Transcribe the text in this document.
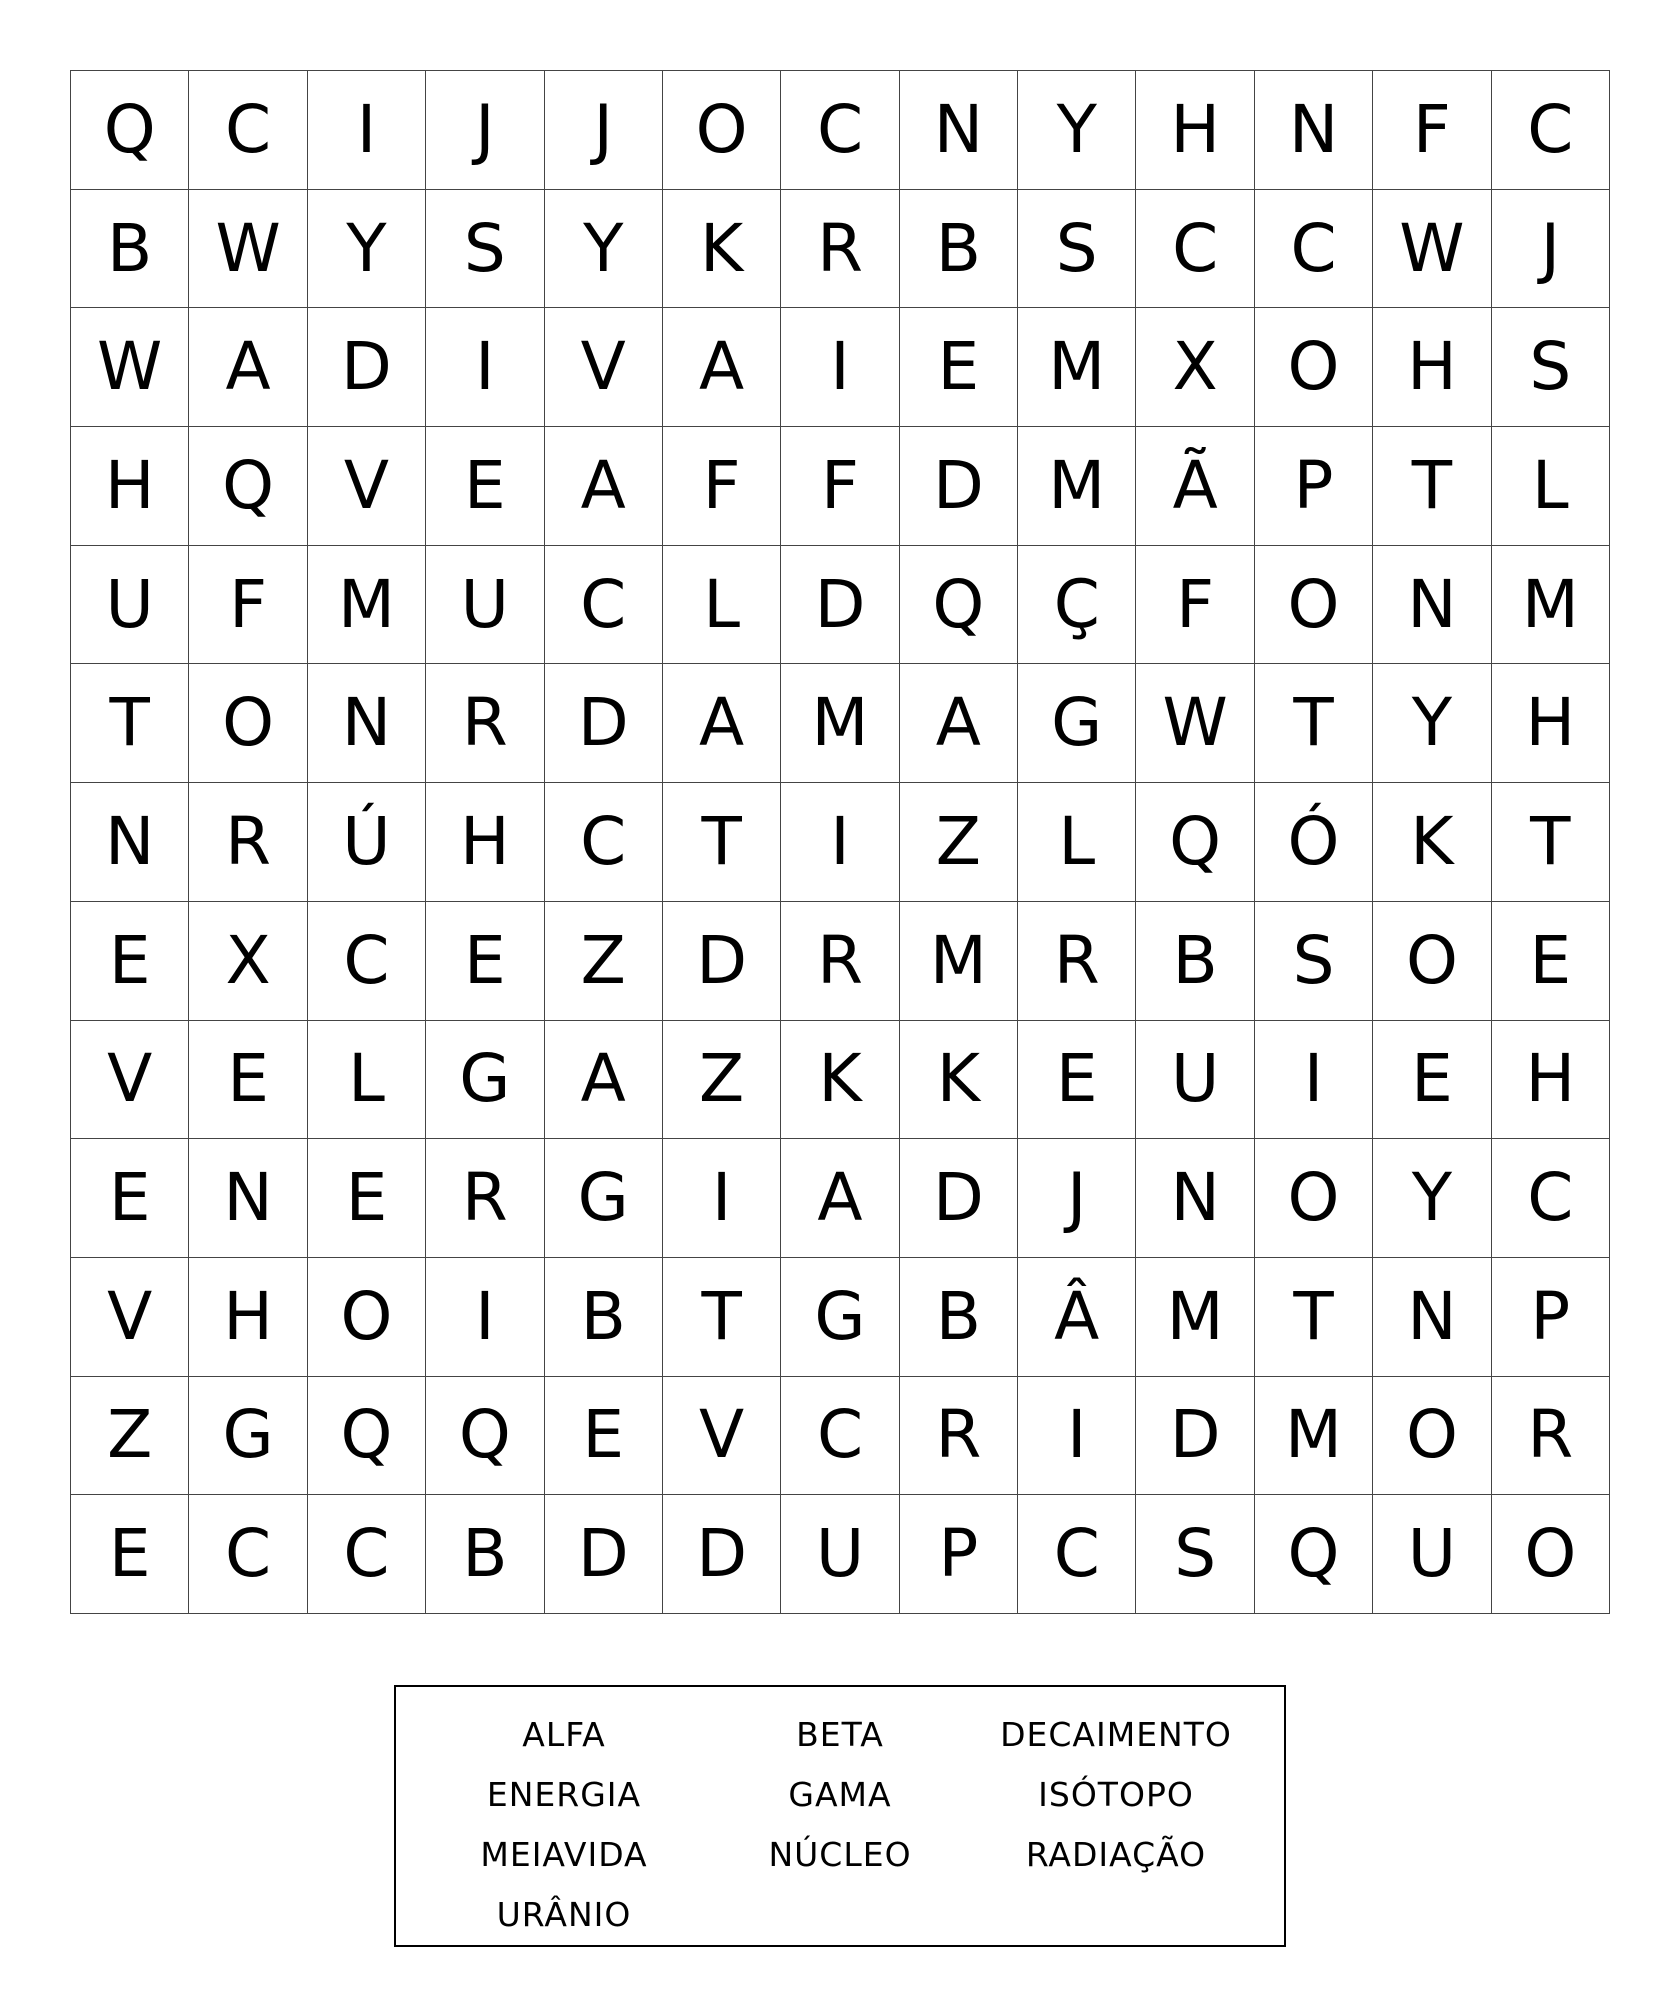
Q	C	I	J	J	O	C	N	Y	H	N	F	C
B W Y	S	Y	K	R	B	S	C	C W	J
W A	D	I	V	A	I	E	M	X	O	H	S
H	Q	V	E	A	F	F	D M	Ã	P	T	L
U	F	M U	C	L	D	Q	Ç	F	O	N M
T	O	N	R	D	A	M	A	G W T	Y	H
N	R	Ú	H	C	T	I	Z	L	Q	Ó	K	T
E	X	C	E	Z	D	R	M	R	B	S	O	E
V	E	L	G	A	Z	K	K	E	U	I	E	H
E	N	E	R	G	I	A	D	J	N	O	Y	C
V	H	O	I	B	T	G	B	Â	M	T	N	P
Z	G	Q	Q	E	V	C	R	I	D M O	R
E	C	C	B	D	D	U	P	C	S	Q	U	O
ALFA
ENERGIA
MEIAVIDA
URÂNIO
BETA
GAMA
NÚCLEO
DECAIMENTO
ISÓTOPO
RADIAÇÃO
